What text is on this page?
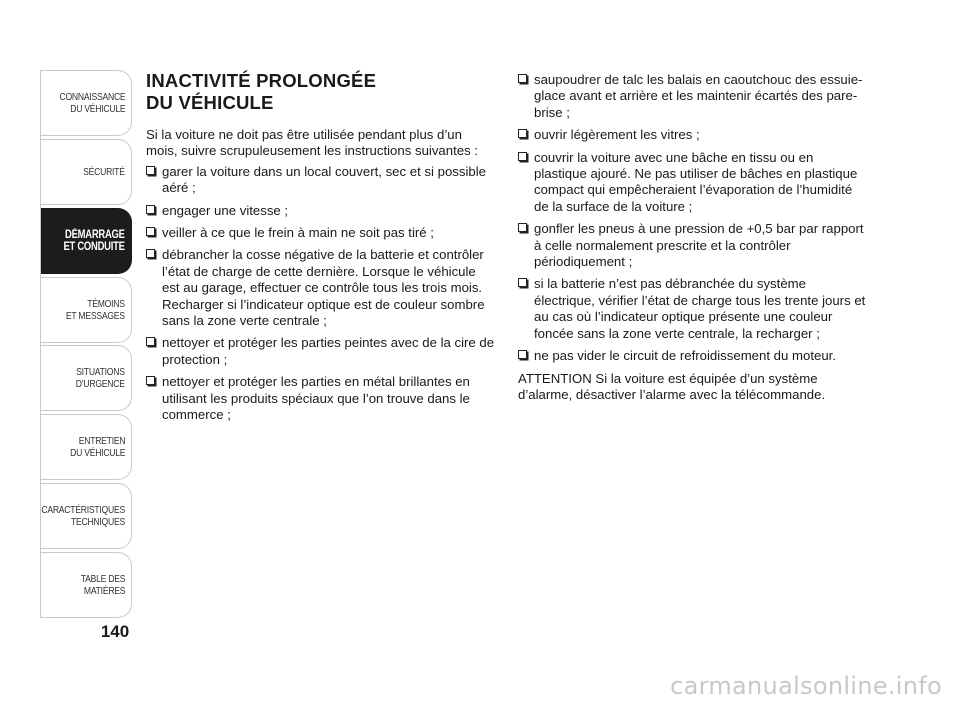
CONNAISSANCE
DU VÉHICULE
SÉCURITÉ
DÉMARRAGE
ET CONDUITE
TÉMOINS
ET MESSAGES
SITUATIONS
D’URGENCE
ENTRETIEN
DU VÉHICULE
CARACTÉRISTIQUES
TECHNIQUES
TABLE DES
MATIÈRES
140
INACTIVITÉ PROLONGÉE
DU VÉHICULE

Si la voiture ne doit pas être utilisée pendant plus d’un mois, suivre scrupuleusement les instructions suivantes :

garer la voiture dans un local couvert, sec et si possible aéré ;
engager une vitesse ;
veiller à ce que le frein à main ne soit pas tiré ;
débrancher la cosse négative de la batterie et contrôler l’état de charge de cette dernière. Lorsque le véhicule est au garage, effectuer ce contrôle tous les trois mois. Recharger si l’indicateur optique est de couleur sombre sans la zone verte centrale ;
nettoyer et protéger les parties peintes avec de la cire de protection ;
nettoyer et protéger les parties en métal brillantes en utilisant les produits spéciaux que l’on trouve dans le commerce ;
saupoudrer de talc les balais en caoutchouc des essuie-glace avant et arrière et les maintenir écartés des pare-brise ;
ouvrir légèrement les vitres ;
couvrir la voiture avec une bâche en tissu ou en plastique ajouré. Ne pas utiliser de bâches en plastique compact qui empêcheraient l’évaporation de l’humidité de la surface de la voiture ;
gonfler les pneus à une pression de +0,5 bar par rapport à celle normalement prescrite et la contrôler périodiquement ;
si la batterie n’est pas débranchée du système électrique, vérifier l’état de charge tous les trente jours et au cas où l’indicateur optique présente une couleur foncée sans la zone verte centrale, la recharger ;
ne pas vider le circuit de refroidissement du moteur.

ATTENTION Si la voiture est équipée d’un système d’alarme, désactiver l’alarme avec la télécommande.

carmanualsonline.info
